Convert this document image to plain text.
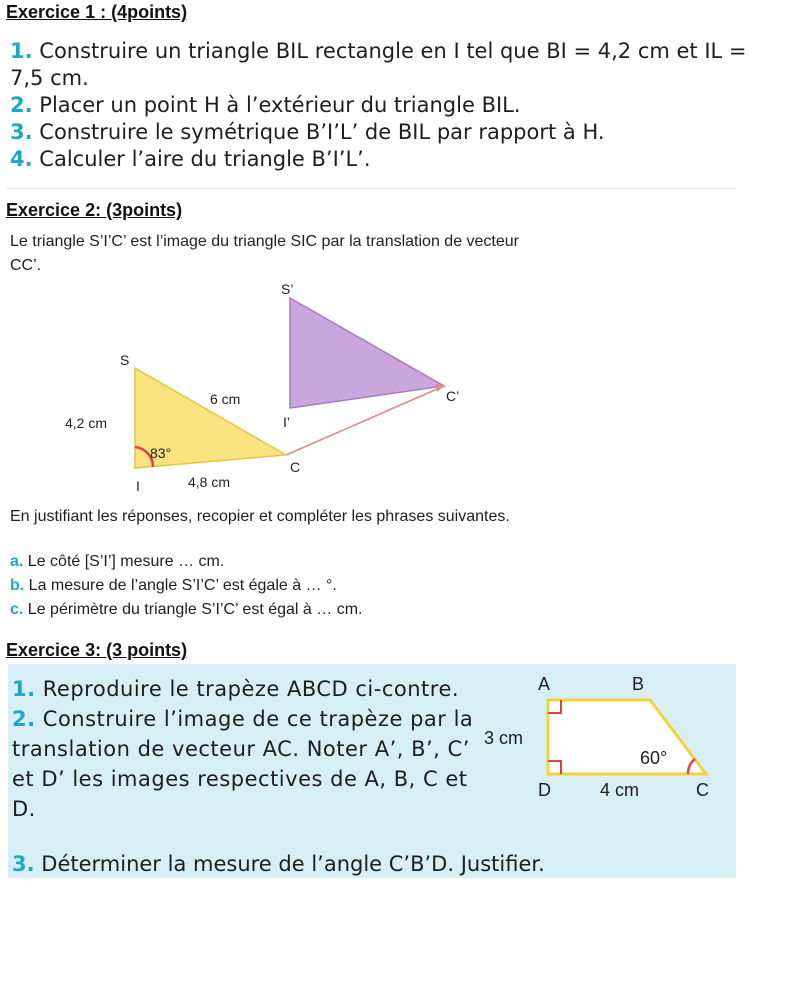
Exercice 1 : (4points)

1. Construire un triangle BIL rectangle en I tel que BI = 4,2 cm et IL = 7,5 cm.

2. Placer un point H à l’extérieur du triangle BIL.

3. Construire le symétrique B’I’L’ de BIL par rapport à H.

4. Calculer l’aire du triangle B’I’L’.

Exercice 2: (3points)
Le triangle S’I’C’ est l’image du triangle SIC par la translation de vecteur CC’.
S
I
C
S’
I’
C’
4,2 cm
6 cm
4,8 cm
83°
En justifiant les réponses, recopier et compléter les phrases suivantes.

a. Le côté [S’I’] mesure … cm.

b. La mesure de l’angle S’I’C’ est égale à … °.

c. Le périmètre du triangle S’I’C’ est égal à … cm.

Exercice 3: (3 points)

1. Reproduire le trapèze ABCD ci-contre.

2. Construire l’image de ce trapèze par la translation de vecteur AC. Noter A’, B’, C’ et D’ les images respectives de A, B, C et D.

3. Déterminer la mesure de l’angle C’B’D. Justifier.

A	B
C
D
3 cm
4 cm
60°
